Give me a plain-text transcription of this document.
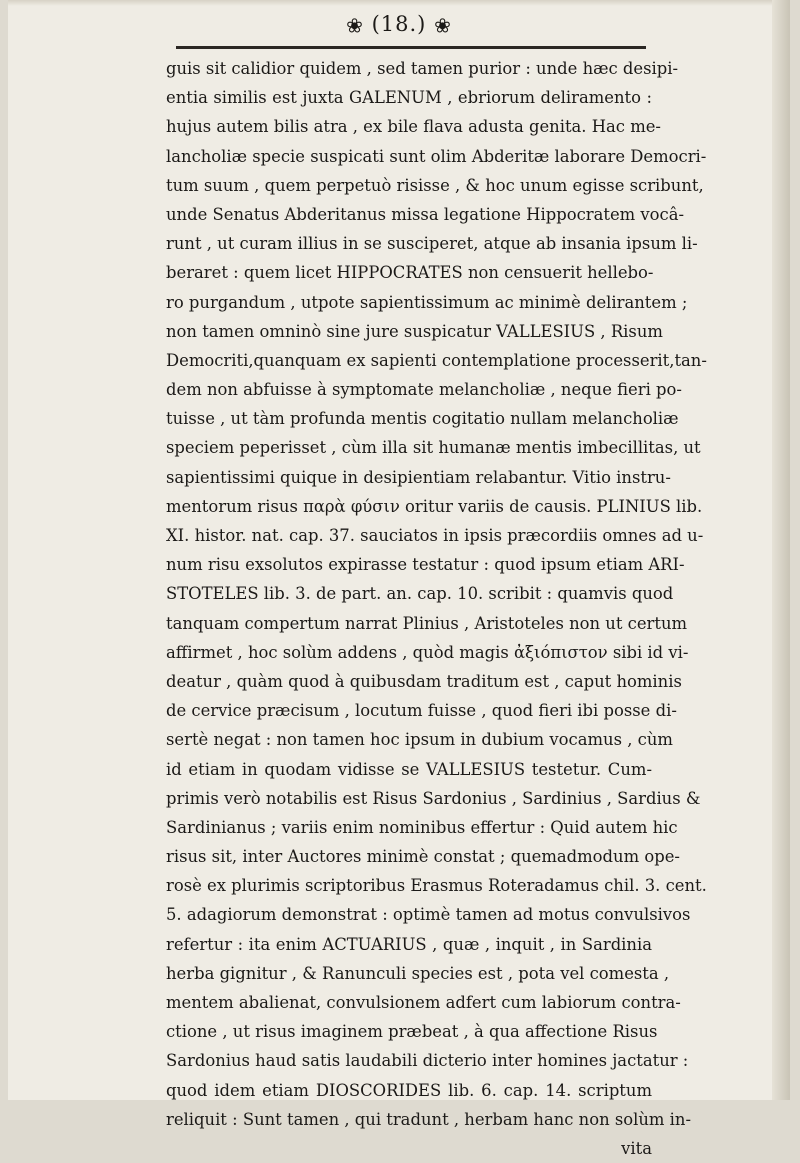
❀ (18.) ❀
guis sit calidior quidem , sed tamen purior : unde hæc desipi-
entia similis est juxta GALENUM , ebriorum deliramento :
hujus autem bilis atra , ex bile flava adusta genita. Hac me-
lancholiæ specie suspicati sunt olim Abderitæ laborare Democri-
tum suum , quem perpetuò risisse , & hoc unum egisse scribunt,
unde Senatus Abderitanus missa legatione Hippocratem vocâ-
runt , ut curam illius in se susciperet, atque ab insania ipsum li-
beraret : quem licet HIPPOCRATES non censuerit hellebo-
ro purgandum , utpote sapientissimum ac minimè delirantem ;
non tamen omninò sine jure suspicatur VALLESIUS , Risum
Democriti,quanquam ex sapienti contemplatione processerit,tan-
dem non abfuisse à symptomate melancholiæ , neque fieri po-
tuisse , ut tàm profunda mentis cogitatio nullam melancholiæ
speciem peperisset , cùm illa sit humanæ mentis imbecillitas, ut
sapientissimi quique in desipientiam relabantur. Vitio instru-
mentorum risus παρὰ φύσιν oritur variis de causis. PLINIUS lib.
XI. histor. nat. cap. 37. sauciatos in ipsis præcordiis omnes ad u-
num risu exsolutos expirasse testatur : quod ipsum etiam ARI-
STOTELES lib. 3. de part. an. cap. 10. scribit : quamvis quod
tanquam compertum narrat Plinius , Aristoteles non ut certum
affirmet , hoc solùm addens , quòd magis ἀξιόπιστον sibi id vi-
deatur , quàm quod à quibusdam traditum est , caput hominis
de cervice præcisum , locutum fuisse , quod fieri ibi posse di-
sertè negat : non tamen hoc ipsum in dubium vocamus , cùm
id etiam in quodam vidisse se VALLESIUS testetur. Cum-
primis verò notabilis est Risus Sardonius , Sardinius , Sardius &
Sardinianus ; variis enim nominibus effertur : Quid autem hic
risus sit, inter Auctores minimè constat ; quemadmodum ope-
rosè ex plurimis scriptoribus Erasmus Roteradamus chil. 3. cent.
5. adagiorum demonstrat : optimè tamen ad motus convulsivos
refertur : ita enim ACTUARIUS , quæ , inquit , in Sardinia
herba gignitur , & Ranunculi species est , pota vel comesta ,
mentem abalienat, convulsionem adfert cum labiorum contra-
ctione , ut risus imaginem præbeat , à qua affectione Risus
Sardonius haud satis laudabili dicterio inter homines jactatur :
quod idem etiam DIOSCORIDES lib. 6. cap. 14. scriptum
reliquit : Sunt tamen , qui tradunt , herbam hanc non solùm in-
vita
